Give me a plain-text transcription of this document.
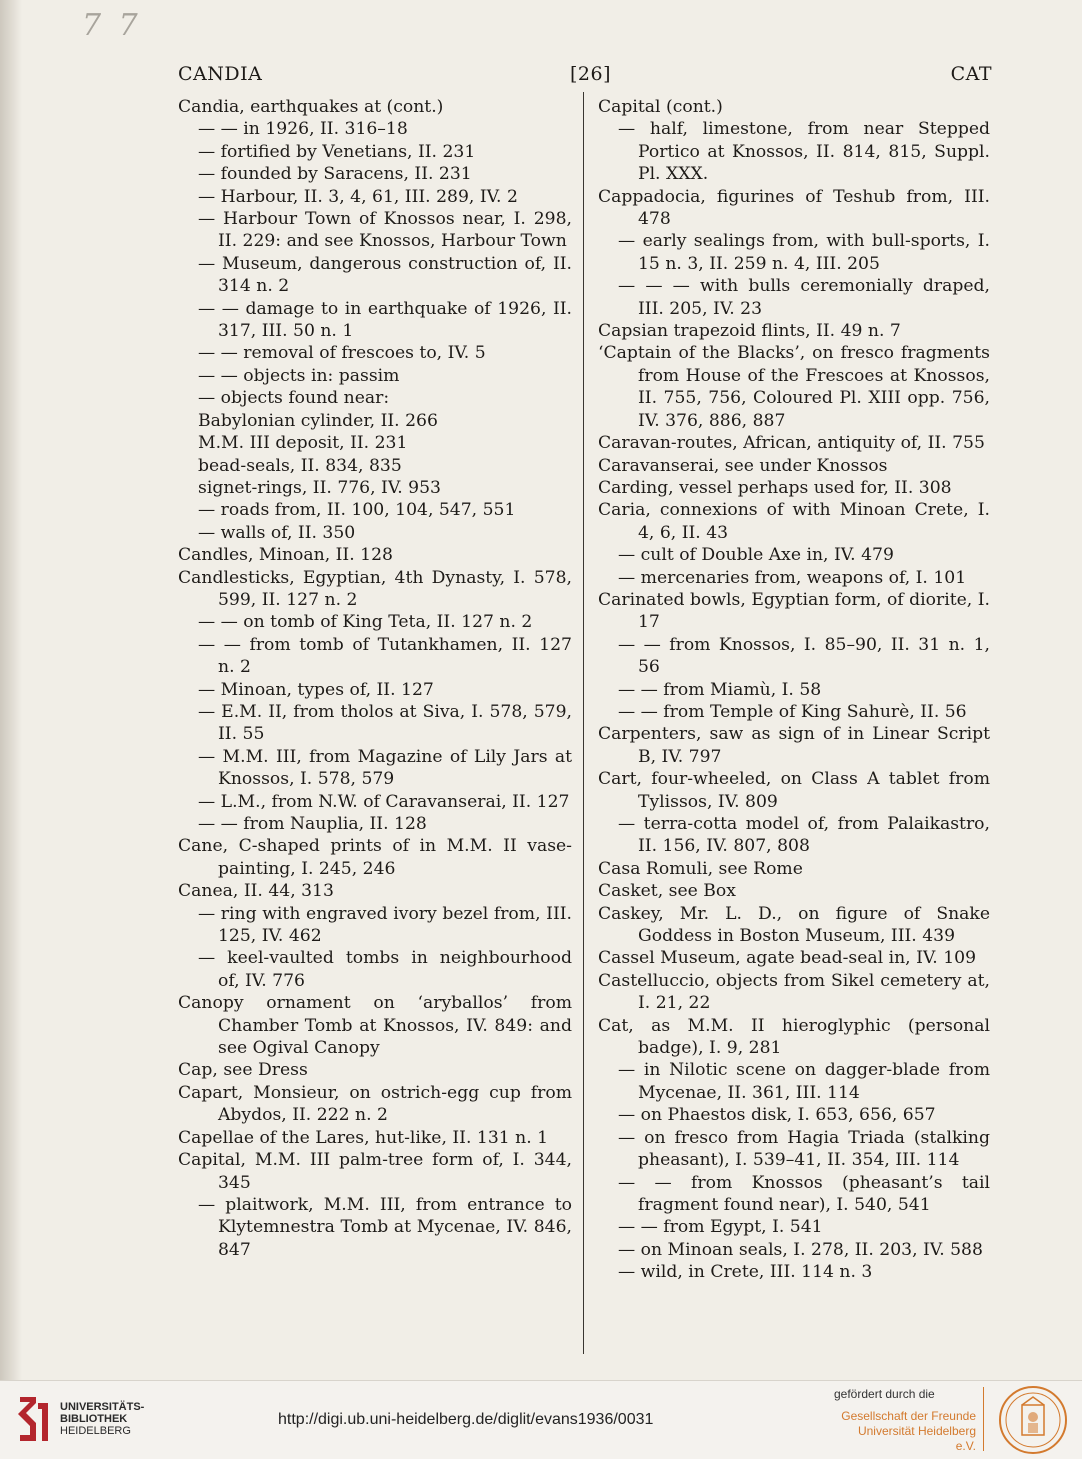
7 7
CANDIA	[26]	CAT
Candia, earthquakes at (cont.)
— — in 1926, II. 316–18
— fortified by Venetians, II. 231
— founded by Saracens, II. 231
— Harbour, II. 3, 4, 61, III. 289, IV. 2
— Harbour Town of Knossos near, I. 298, II. 229: and see Knossos, Harbour Town
— Museum, dangerous construction of, II. 314 n. 2
— — damage to in earthquake of 1926, II. 317, III. 50 n. 1
— — removal of frescoes to, IV. 5
— — objects in: passim
— objects found near:
Babylonian cylinder, II. 266
M.M. III deposit, II. 231
bead-seals, II. 834, 835
signet-rings, II. 776, IV. 953
— roads from, II. 100, 104, 547, 551
— walls of, II. 350
Candles, Minoan, II. 128
Candlesticks, Egyptian, 4th Dynasty, I. 578, 599, II. 127 n. 2
— — on tomb of King Teta, II. 127 n. 2
— — from tomb of Tutankhamen, II. 127 n. 2
— Minoan, types of, II. 127
— E.M. II, from tholos at Siva, I. 578, 579, II. 55
— M.M. III, from Magazine of Lily Jars at Knossos, I. 578, 579
— L.M., from N.W. of Caravanserai, II. 127
— — from Nauplia, II. 128
Cane, C-shaped prints of in M.M. II vase-painting, I. 245, 246
Canea, II. 44, 313
— ring with engraved ivory bezel from, III. 125, IV. 462
— keel-vaulted tombs in neighbourhood of, IV. 776
Canopy ornament on ‘aryballos’ from Chamber Tomb at Knossos, IV. 849: and see Ogival Canopy
Cap, see Dress
Capart, Monsieur, on ostrich-egg cup from Abydos, II. 222 n. 2
Capellae of the Lares, hut-like, II. 131 n. 1
Capital, M.M. III palm-tree form of, I. 344, 345
— plaitwork, M.M. III, from entrance to Klytemnestra Tomb at Mycenae, IV. 846, 847
Capital (cont.)
— half, limestone, from near Stepped Portico at Knossos, II. 814, 815, Suppl. Pl. XXX.
Cappadocia, figurines of Teshub from, III. 478
— early sealings from, with bull-sports, I. 15 n. 3, II. 259 n. 4, III. 205
— — — with bulls ceremonially draped, III. 205, IV. 23
Capsian trapezoid flints, II. 49 n. 7
‘Captain of the Blacks’, on fresco fragments from House of the Frescoes at Knossos, II. 755, 756, Coloured Pl. XIII opp. 756, IV. 376, 886, 887
Caravan-routes, African, antiquity of, II. 755
Caravanserai, see under Knossos
Carding, vessel perhaps used for, II. 308
Caria, connexions of with Minoan Crete, I. 4, 6, II. 43
— cult of Double Axe in, IV. 479
— mercenaries from, weapons of, I. 101
Carinated bowls, Egyptian form, of diorite, I. 17
— — from Knossos, I. 85–90, II. 31 n. 1, 56
— — from Miamù, I. 58
— — from Temple of King Sahurè, II. 56
Carpenters, saw as sign of in Linear Script B, IV. 797
Cart, four-wheeled, on Class A tablet from Tylissos, IV. 809
— terra-cotta model of, from Palaikastro, II. 156, IV. 807, 808
Casa Romuli, see Rome
Casket, see Box
Caskey, Mr. L. D., on figure of Snake Goddess in Boston Museum, III. 439
Cassel Museum, agate bead-seal in, IV. 109
Castelluccio, objects from Sikel cemetery at, I. 21, 22
Cat, as M.M. II hieroglyphic (personal badge), I. 9, 281
— in Nilotic scene on dagger-blade from Mycenae, II. 361, III. 114
— on Phaestos disk, I. 653, 656, 657
— on fresco from Hagia Triada (stalking pheasant), I. 539–41, II. 354, III. 114
— — from Knossos (pheasant’s tail fragment found near), I. 540, 541
— — from Egypt, I. 541
— on Minoan seals, I. 278, II. 203, IV. 588
— wild, in Crete, III. 114 n. 3
UNIVERSITÄTS-
BIBLIOTHEK
HEIDELBERG
http://digi.ub.uni-heidelberg.de/diglit/evans1936/0031
gefördert durch die
Gesellschaft der Freunde
Universität Heidelberg e.V.
